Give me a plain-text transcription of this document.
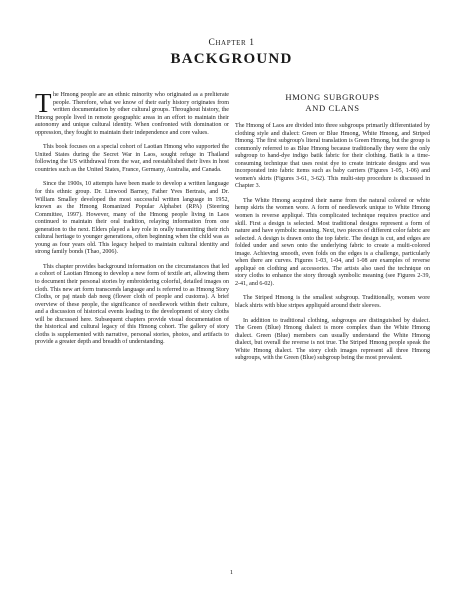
Chapter 1
BACKGROUND

The Hmong people are an ethnic minority who originated as a preliterate people. Therefore, what we know of their early history originates from written documentation by other cultural groups. Throughout history, the Hmong people lived in remote geographic areas in an effort to maintain their autonomy and unique cultural identity. When confronted with domination or oppression, they fought to maintain their independence and core values.

This book focuses on a special cohort of Laotian Hmong who supported the United States during the Secret War in Laos, sought refuge in Thailand following the US withdrawal from the war, and reestablished their lives in host countries such as the United States, France, Germany, Australia, and Canada.

Since the 1900s, 10 attempts have been made to develop a written language for this ethnic group. Dr. Linwood Barney, Father Yves Bertrais, and Dr. William Smalley developed the most successful written language in 1952, known as the Hmong Romanized Popular Alphabet (RPA) (Steering Committee, 1997). However, many of the Hmong people living in Laos continued to maintain their oral tradition, relaying information from one generation to the next. Elders played a key role in orally transmitting their rich cultural heritage to younger generations, often beginning when the child was as young as four years old. This legacy helped to maintain cultural identity and strong family bonds (Thao, 2006).

This chapter provides background information on the circumstances that led a cohort of Laotian Hmong to develop a new form of textile art, allowing them to document their personal stories by embroidering colorful, detailed images on cloth. This new art form transcends language and is referred to as Hmong Story Cloths, or paj ntaub dab neeg (flower cloth of people and customs). A brief overview of these people, the significance of needlework within their culture, and a discussion of historical events leading to the development of story cloths will be discussed here. Subsequent chapters provide visual documentation of the historical and cultural legacy of this Hmong cohort. The gallery of story cloths is supplemented with narrative, personal stories, photos, and artifacts to provide a greater depth and breadth of understanding.

HMONG SUBGROUPS
AND CLANS

The Hmong of Laos are divided into three subgroups primarily differentiated by clothing style and dialect: Green or Blue Hmong, White Hmong, and Striped Hmong. The first subgroup's literal translation is Green Hmong, but the group is commonly referred to as Blue Hmong because traditionally they were the only subgroup to hand-dye indigo batik fabric for their clothing. Batik is a time-consuming technique that uses resist dye to create intricate designs and was incorporated into fabric items such as baby carriers (Figures 1-05, 1-06) and women's skirts (Figures 3-61, 3-62). This multi-step procedure is discussed in Chapter 3.

The White Hmong acquired their name from the natural colored or white hemp skirts the women wore. A form of needlework unique to White Hmong women is reverse appliqué. This complicated technique requires practice and skill. First a design is selected. Most traditional designs represent a form of nature and have symbolic meaning. Next, two pieces of different color fabric are selected. A design is drawn onto the top fabric. The design is cut, and edges are folded under and sewn onto the underlying fabric to create a multi-colored image. Achieving smooth, even folds on the edges is a challenge, particularly when there are curves. Figures 1-03, 1-04, and 1-08 are examples of reverse appliqué on clothing and accessories. The artists also used the technique on story cloths to enhance the story through symbolic meaning (see Figures 2-39, 2-41, and 6-02).

The Striped Hmong is the smallest subgroup. Traditionally, women wore black shirts with blue stripes appliquéd around their sleeves.

In addition to traditional clothing, subgroups are distinguished by dialect. The Green (Blue) Hmong dialect is more complex than the White Hmong dialect. Green (Blue) members can usually understand the White Hmong dialect, but overall the reverse is not true. The Striped Hmong people speak the White Hmong dialect. The story cloth images represent all three Hmong subgroups, with the Green (Blue) subgroup being the most prevalent.

1
